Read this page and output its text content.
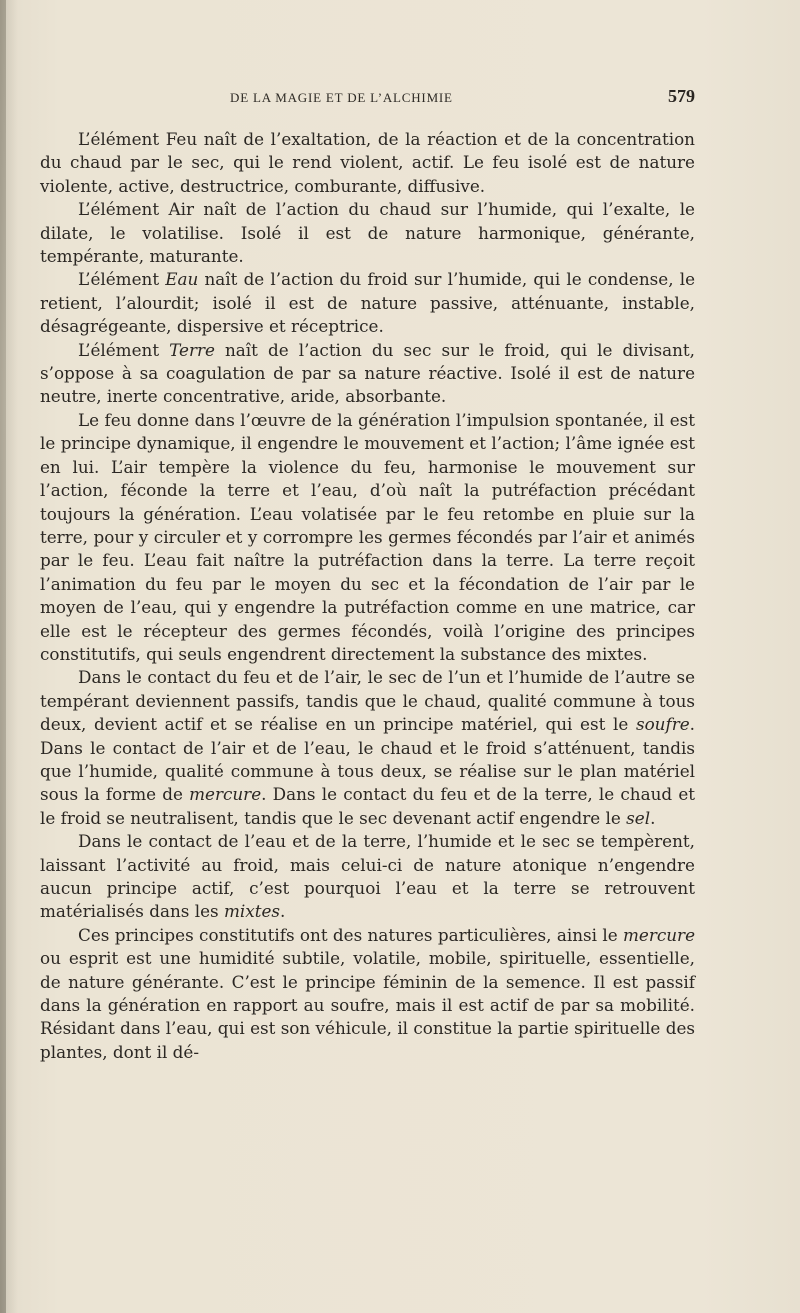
DE LA MAGIE ET DE L’ALCHIMIE	579

L’élément Feu naît de l’exaltation, de la réaction et de la concentration du chaud par le sec, qui le rend violent, actif. Le feu isolé est de nature violente, active, destructrice, comburante, diffusive.

L’élément Air naît de l’action du chaud sur l’humide, qui l’exalte, le dilate, le volatilise. Isolé il est de nature harmonique, générante, tempérante, maturante.

L’élément Eau naît de l’action du froid sur l’humide, qui le condense, le retient, l’alourdit; isolé il est de nature passive, atténuante, instable, désagrégeante, dispersive et réceptrice.

L’élément Terre naît de l’action du sec sur le froid, qui le divisant, s’oppose à sa coagulation de par sa nature réactive. Isolé il est de nature neutre, inerte concentrative, aride, absorbante.

Le feu donne dans l’œuvre de la génération l’impulsion spontanée, il est le principe dynamique, il engendre le mouvement et l’action; l’âme ignée est en lui. L’air tempère la violence du feu, harmonise le mouvement sur l’action, féconde la terre et l’eau, d’où naît la putréfaction précédant toujours la génération. L’eau volatisée par le feu retombe en pluie sur la terre, pour y circuler et y corrompre les germes fécondés par l’air et animés par le feu. L’eau fait naître la putréfaction dans la terre. La terre reçoit l’animation du feu par le moyen du sec et la fécondation de l’air par le moyen de l’eau, qui y engendre la putréfaction comme en une matrice, car elle est le récepteur des germes fécondés, voilà l’origine des principes constitutifs, qui seuls engendrent directement la substance des mixtes.

Dans le contact du feu et de l’air, le sec de l’un et l’humide de l’autre se tempérant deviennent passifs, tandis que le chaud, qualité commune à tous deux, devient actif et se réalise en un principe matériel, qui est le soufre. Dans le contact de l’air et de l’eau, le chaud et le froid s’atténuent, tandis que l’humide, qualité commune à tous deux, se réalise sur le plan matériel sous la forme de mercure. Dans le contact du feu et de la terre, le chaud et le froid se neutralisent, tandis que le sec devenant actif engendre le sel.

Dans le contact de l’eau et de la terre, l’humide et le sec se tempèrent, laissant l’activité au froid, mais celui-ci de nature atonique n’engendre aucun principe actif, c’est pourquoi l’eau et la terre se retrouvent matérialisés dans les mixtes.

Ces principes constitutifs ont des natures particulières, ainsi le mercure ou esprit est une humidité subtile, volatile, mobile, spirituelle, essentielle, de nature générante. C’est le principe féminin de la semence. Il est passif dans la génération en rapport au soufre, mais il est actif de par sa mobilité. Résidant dans l’eau, qui est son véhicule, il constitue la partie spirituelle des plantes, dont il dé-
